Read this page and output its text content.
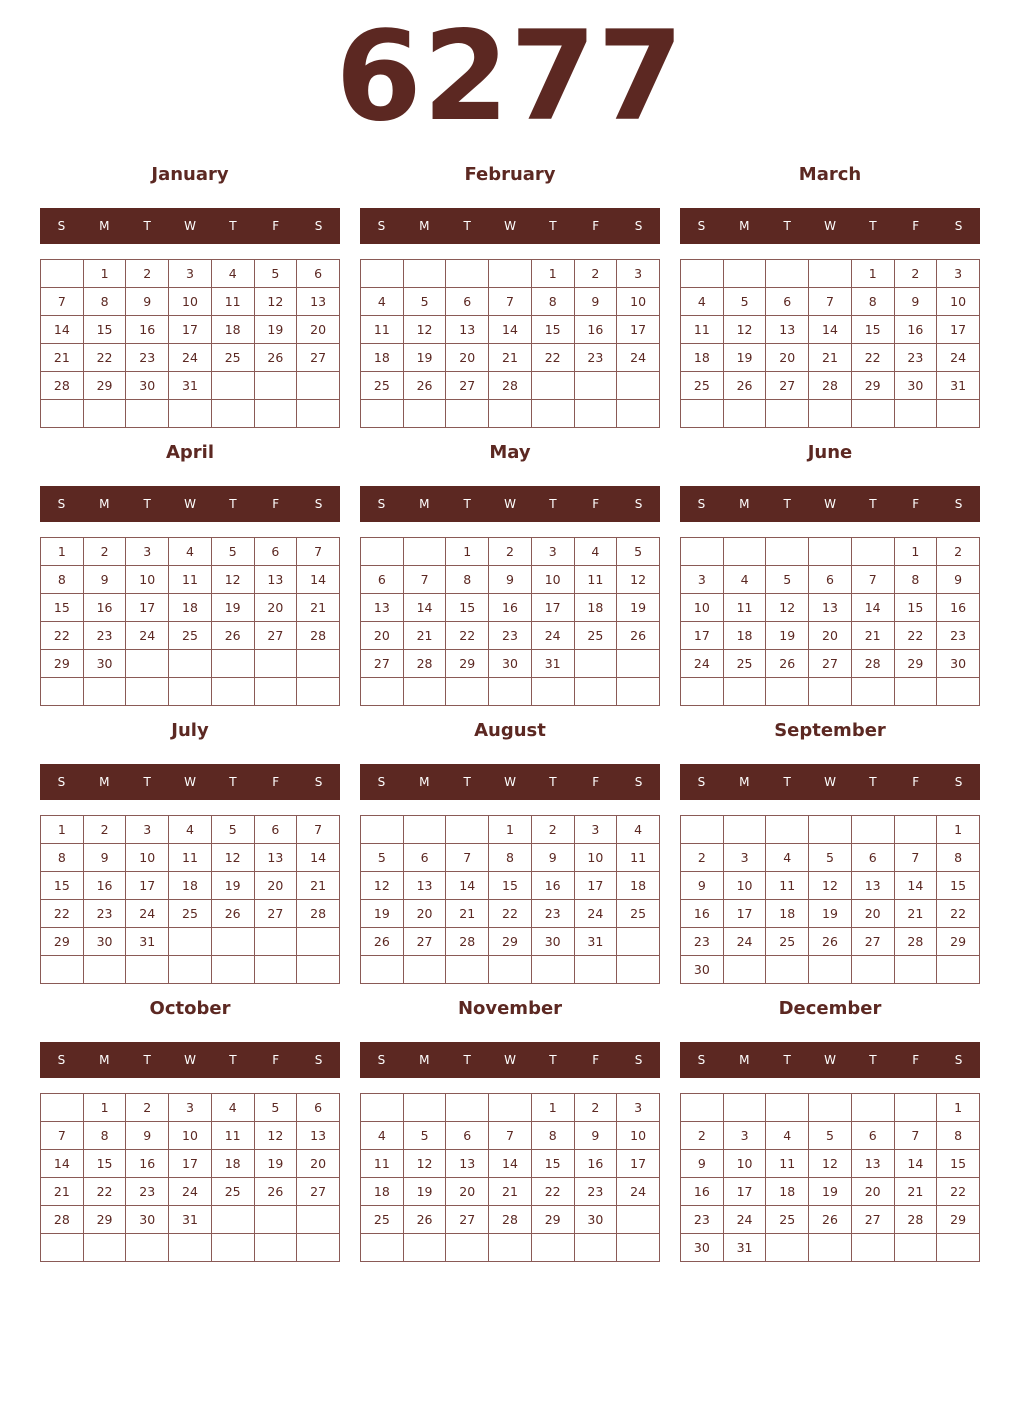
6277
January
S	M	T	W	T	F	S
	1	2	3	4	5	6
7	8	9	10	11	12	13
14	15	16	17	18	19	20
21	22	23	24	25	26	27
28	29	30	31			

February
S	M	T	W	T	F	S
				1	2	3
4	5	6	7	8	9	10
11	12	13	14	15	16	17
18	19	20	21	22	23	24
25	26	27	28			

March
S	M	T	W	T	F	S
				1	2	3
4	5	6	7	8	9	10
11	12	13	14	15	16	17
18	19	20	21	22	23	24
25	26	27	28	29	30	31

April
S	M	T	W	T	F	S
1	2	3	4	5	6	7
8	9	10	11	12	13	14
15	16	17	18	19	20	21
22	23	24	25	26	27	28
29	30					

May
S	M	T	W	T	F	S
		1	2	3	4	5
6	7	8	9	10	11	12
13	14	15	16	17	18	19
20	21	22	23	24	25	26
27	28	29	30	31		

June
S	M	T	W	T	F	S
					1	2
3	4	5	6	7	8	9
10	11	12	13	14	15	16
17	18	19	20	21	22	23
24	25	26	27	28	29	30

July
S	M	T	W	T	F	S
1	2	3	4	5	6	7
8	9	10	11	12	13	14
15	16	17	18	19	20	21
22	23	24	25	26	27	28
29	30	31				

August
S	M	T	W	T	F	S
			1	2	3	4
5	6	7	8	9	10	11
12	13	14	15	16	17	18
19	20	21	22	23	24	25
26	27	28	29	30	31	

September
S	M	T	W	T	F	S
						1
2	3	4	5	6	7	8
9	10	11	12	13	14	15
16	17	18	19	20	21	22
23	24	25	26	27	28	29
30						
October
S	M	T	W	T	F	S
	1	2	3	4	5	6
7	8	9	10	11	12	13
14	15	16	17	18	19	20
21	22	23	24	25	26	27
28	29	30	31			

November
S	M	T	W	T	F	S
				1	2	3
4	5	6	7	8	9	10
11	12	13	14	15	16	17
18	19	20	21	22	23	24
25	26	27	28	29	30	

December
S	M	T	W	T	F	S
						1
2	3	4	5	6	7	8
9	10	11	12	13	14	15
16	17	18	19	20	21	22
23	24	25	26	27	28	29
30	31					
